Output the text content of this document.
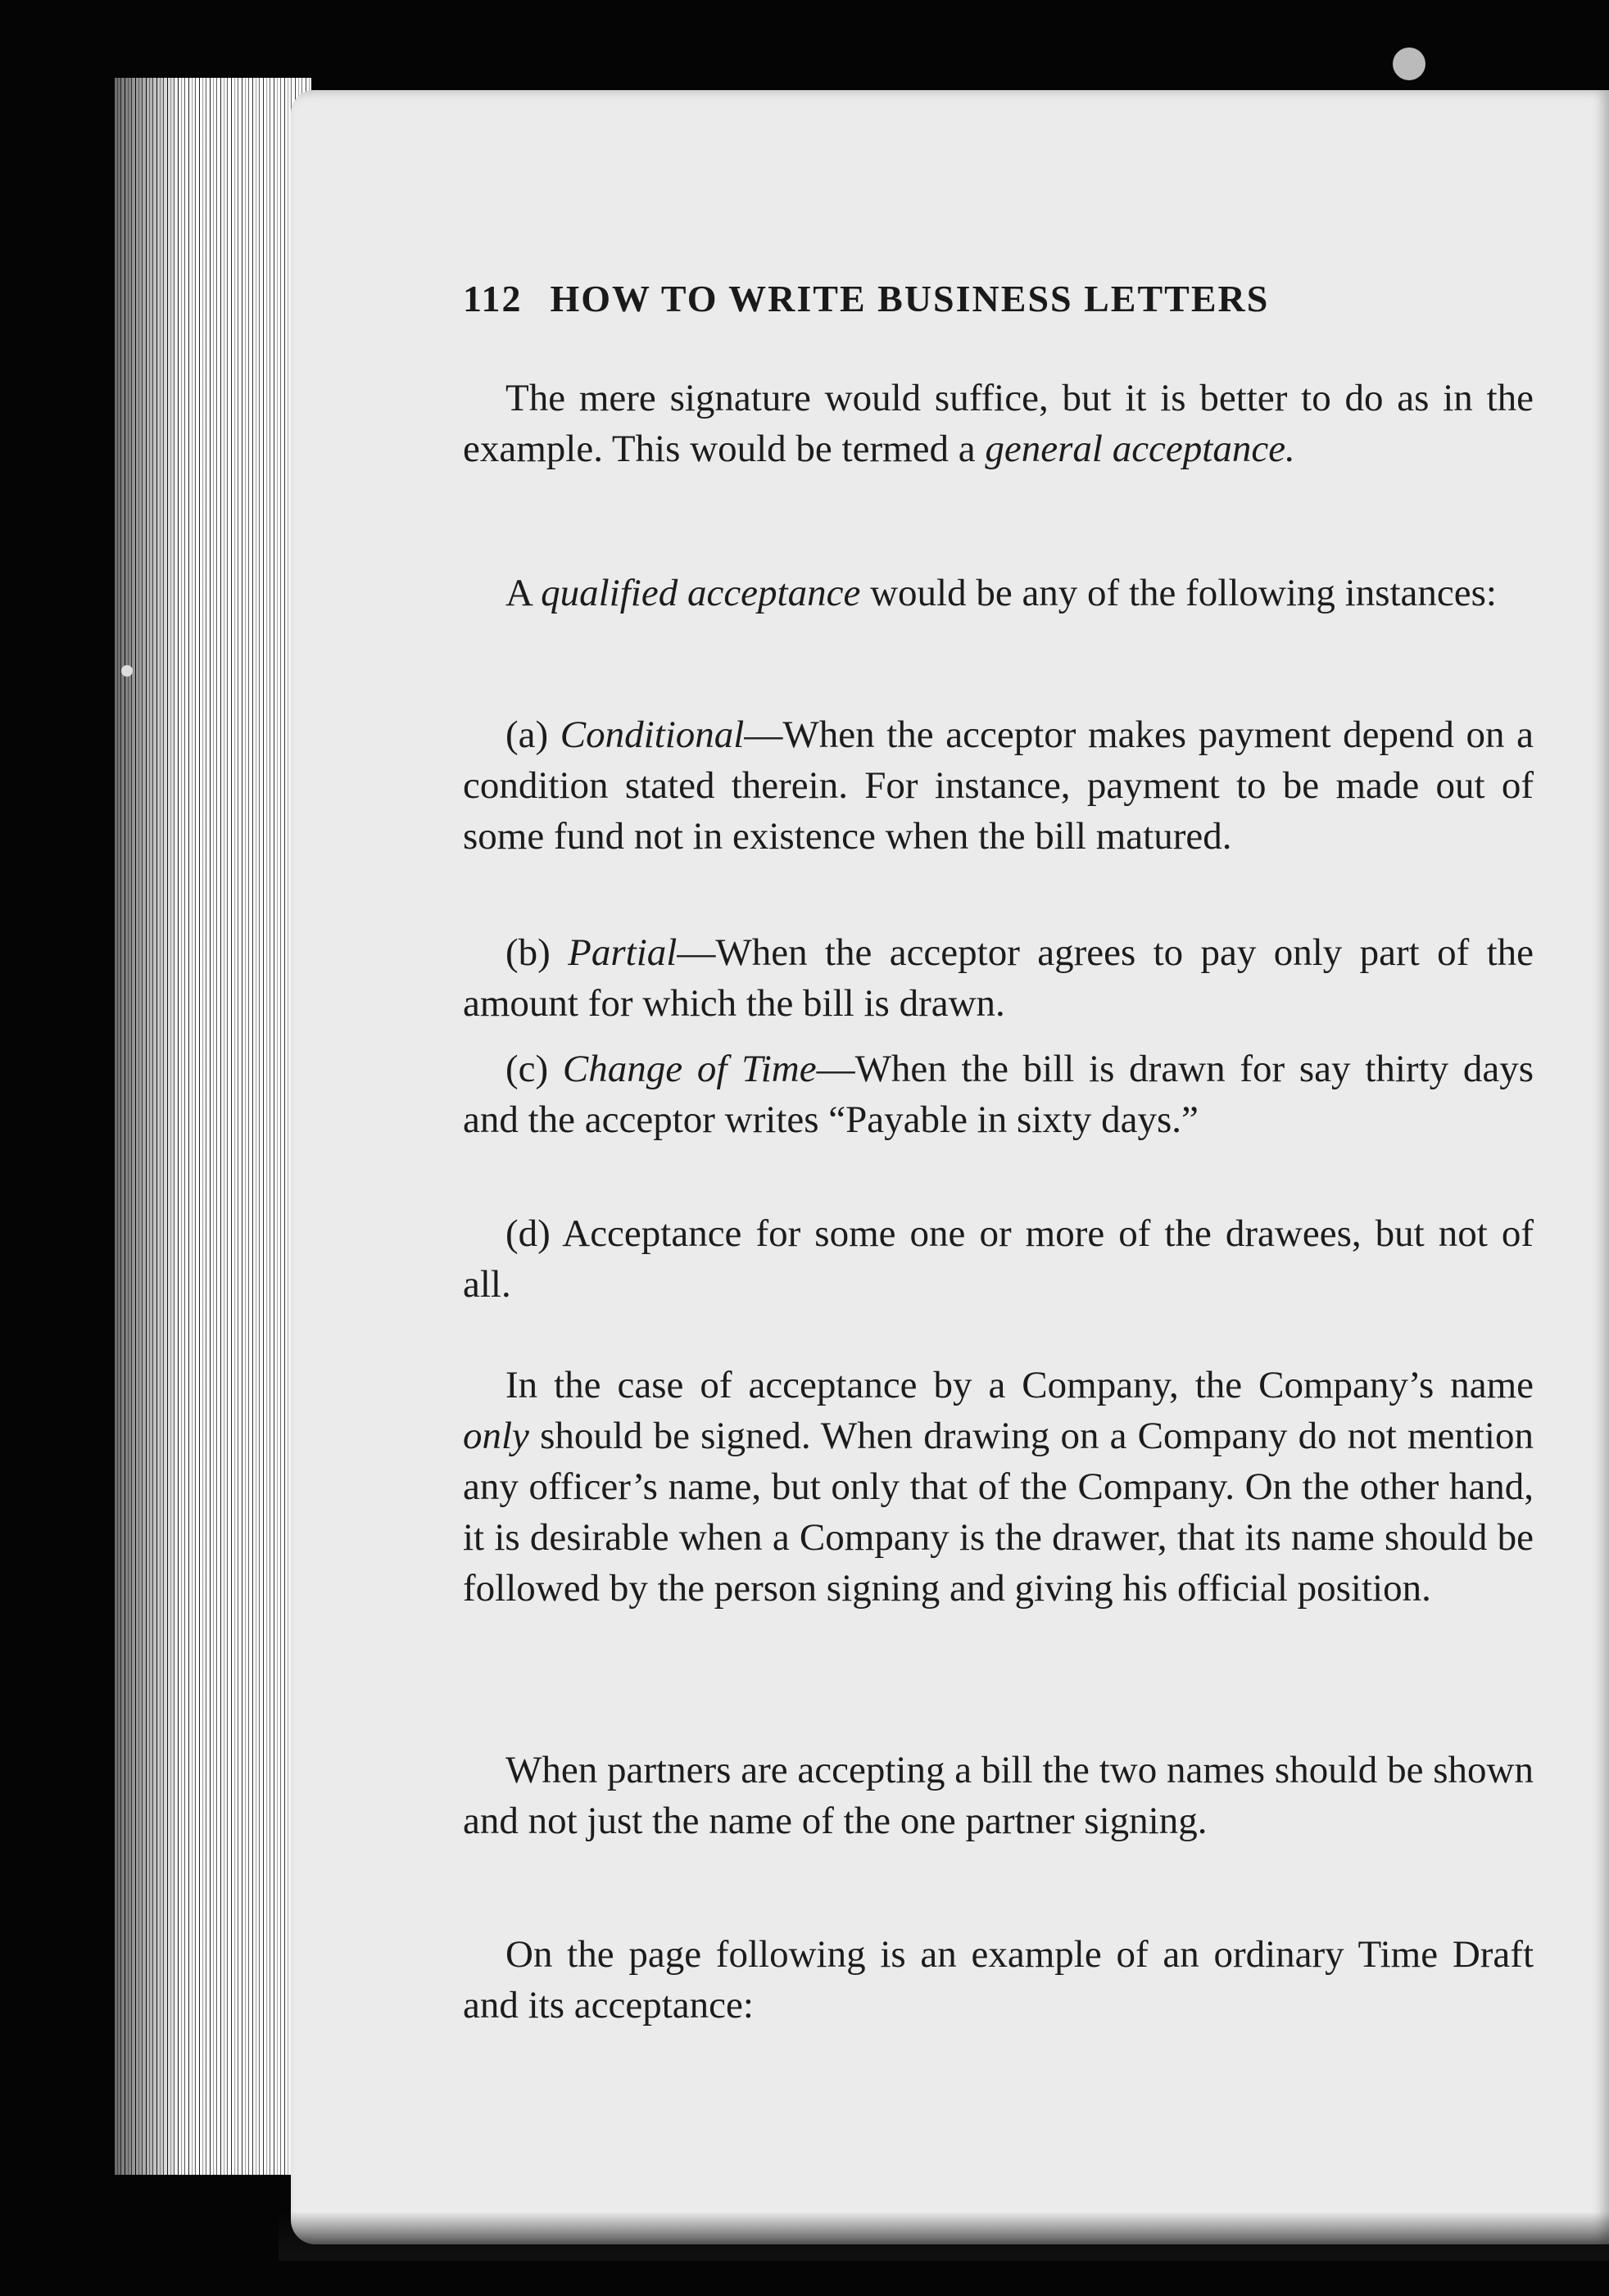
112 HOW TO WRITE BUSINESS LETTERS

The mere signature would suffice, but it is better to do as in the example. This would be termed a general acceptance.

A qualified acceptance would be any of the following instances:

(a) Conditional—When the acceptor makes payment depend on a condition stated therein. For instance, payment to be made out of some fund not in existence when the bill matured.

(b) Partial—When the acceptor agrees to pay only part of the amount for which the bill is drawn.

(c) Change of Time—When the bill is drawn for say thirty days and the acceptor writes “Payable in sixty days.”

(d) Acceptance for some one or more of the drawees, but not of all.

In the case of acceptance by a Company, the Company’s name only should be signed. When drawing on a Company do not mention any officer’s name, but only that of the Company. On the other hand, it is desirable when a Company is the drawer, that its name should be followed by the person signing and giving his official position.

When partners are accepting a bill the two names should be shown and not just the name of the one partner signing.

On the page following is an example of an ordinary Time Draft and its acceptance:
